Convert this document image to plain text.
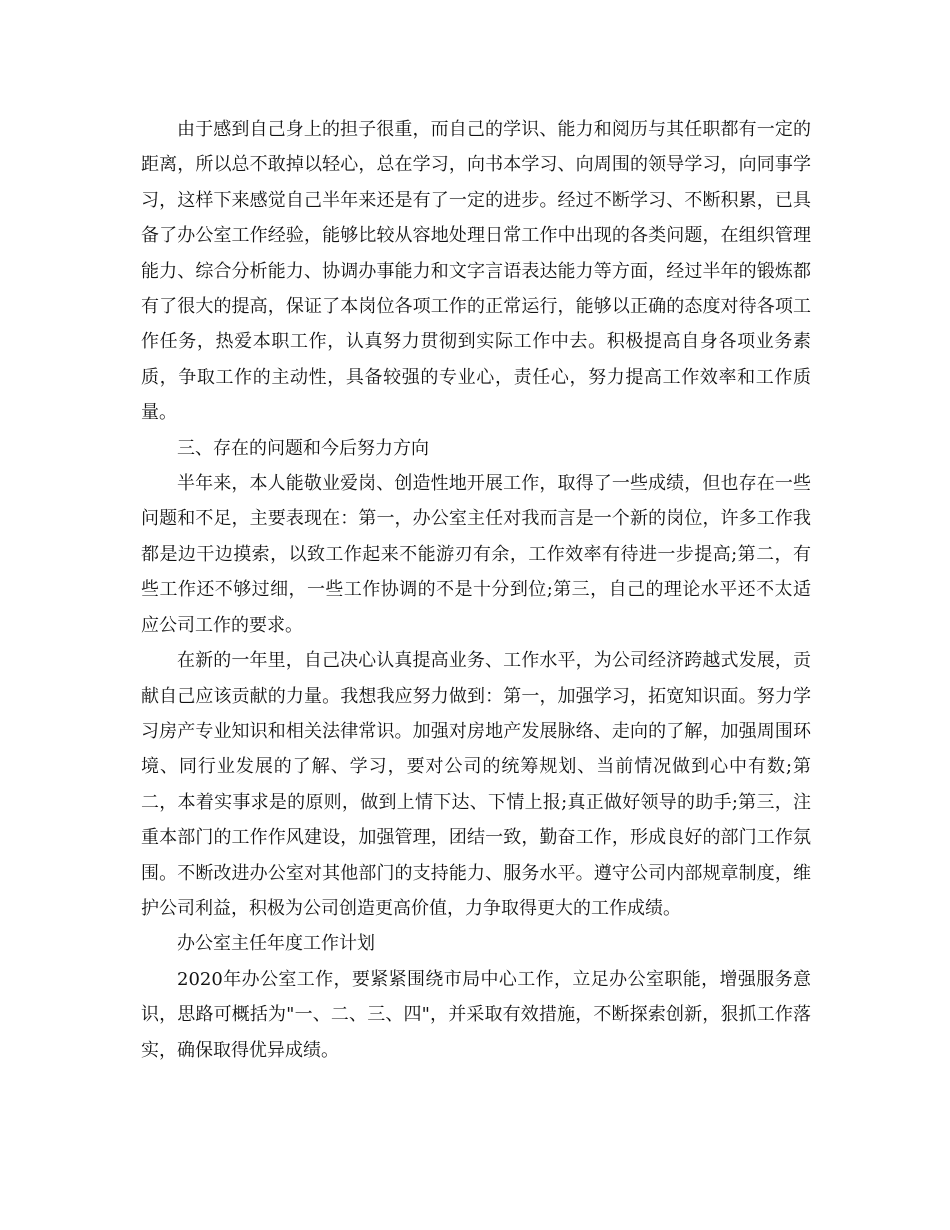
由于感到自己身上的担子很重，而自己的学识、能力和阅历与其任职都有一定的距离，所以总不敢掉以轻心，总在学习，向书本学习、向周围的领导学习，向同事学习，这样下来感觉自己半年来还是有了一定的进步。经过不断学习、不断积累，已具备了办公室工作经验，能够比较从容地处理日常工作中出现的各类问题，在组织管理能力、综合分析能力、协调办事能力和文字言语表达能力等方面，经过半年的锻炼都有了很大的提高，保证了本岗位各项工作的正常运行，能够以正确的态度对待各项工作任务，热爱本职工作，认真努力贯彻到实际工作中去。积极提高自身各项业务素质，争取工作的主动性，具备较强的专业心，责任心，努力提高工作效率和工作质量。

三、存在的问题和今后努力方向

半年来，本人能敬业爱岗、创造性地开展工作，取得了一些成绩，但也存在一些问题和不足，主要表现在：第一，办公室主任对我而言是一个新的岗位，许多工作我都是边干边摸索，以致工作起来不能游刃有余，工作效率有待进一步提高;第二，有些工作还不够过细，一些工作协调的不是十分到位;第三，自己的理论水平还不太适应公司工作的要求。

在新的一年里，自己决心认真提高业务、工作水平，为公司经济跨越式发展，贡献自己应该贡献的力量。我想我应努力做到：第一，加强学习，拓宽知识面。努力学习房产专业知识和相关法律常识。加强对房地产发展脉络、走向的了解，加强周围环境、同行业发展的了解、学习，要对公司的统筹规划、当前情况做到心中有数;第二，本着实事求是的原则，做到上情下达、下情上报;真正做好领导的助手;第三，注重本部门的工作作风建设，加强管理，团结一致，勤奋工作，形成良好的部门工作氛围。不断改进办公室对其他部门的支持能力、服务水平。遵守公司内部规章制度，维护公司利益，积极为公司创造更高价值，力争取得更大的工作成绩。

办公室主任年度工作计划

2020年办公室工作，要紧紧围绕市局中心工作，立足办公室职能，增强服务意识，思路可概括为"一、二、三、四"，并采取有效措施，不断探索创新，狠抓工作落实，确保取得优异成绩。
